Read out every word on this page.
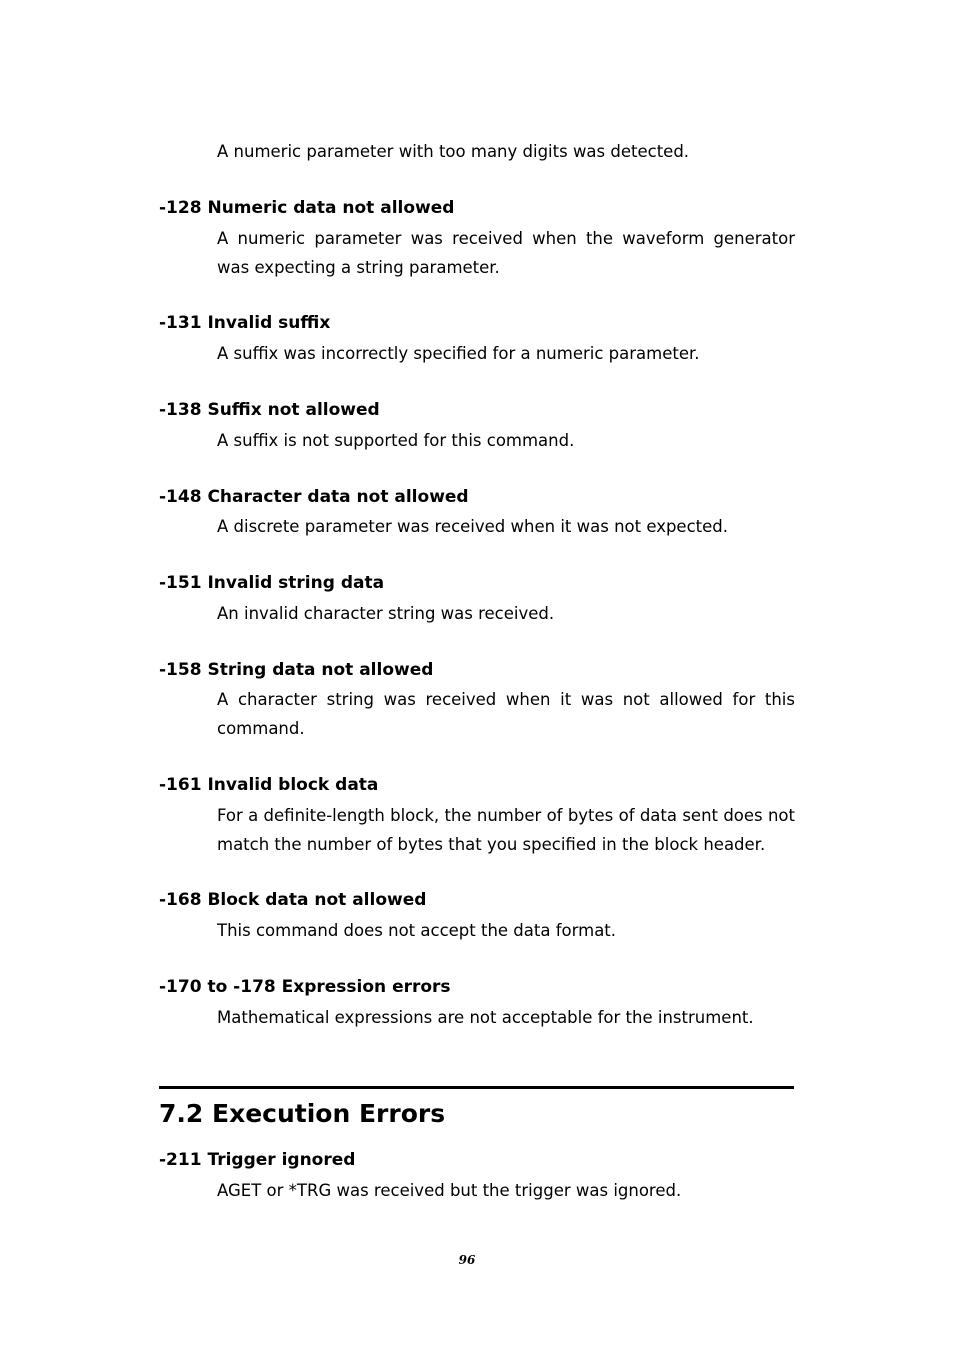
A numeric parameter with too many digits was detected.

-128 Numeric data not allowed

A numeric parameter was received when the waveform generator was expecting a string parameter.

-131 Invalid suffix

A suffix was incorrectly specified for a numeric parameter.

-138 Suffix not allowed

A suffix is not supported for this command.

-148 Character data not allowed

A discrete parameter was received when it was not expected.

-151 Invalid string data

An invalid character string was received.

-158 String data not allowed

A character string was received when it was not allowed for this command.

-161 Invalid block data

For a definite-length block, the number of bytes of data sent does not match the number of bytes that you specified in the block header.

-168 Block data not allowed

This command does not accept the data format.

-170 to -178 Expression errors

Mathematical expressions are not acceptable for the instrument.

7.2 Execution Errors

-211 Trigger ignored

AGET or *TRG was received but the trigger was ignored.

96
